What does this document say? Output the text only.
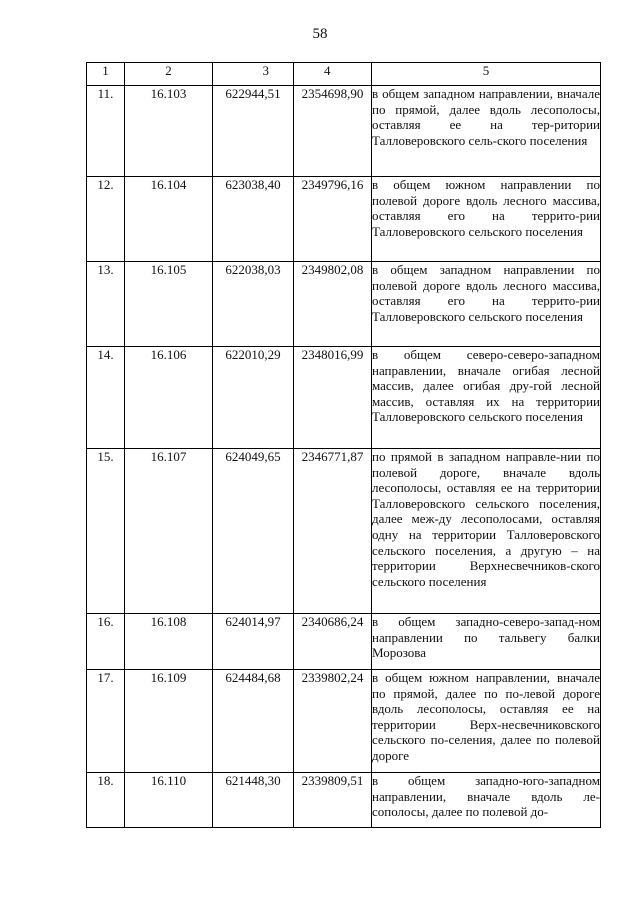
58
1	2	3	4	5
11.	16.103	622944,51	2354698,90	в общем западном направлении, вначале по прямой, далее вдоль лесополосы, оставляя ее на тер-ритории Талловеровского сель-ского поселения
12.	16.104	623038,40	2349796,16	в общем южном направлении по полевой дороге вдоль лесного массива, оставляя его на террито-рии Талловеровского сельского поселения
13.	16.105	622038,03	2349802,08	в общем западном направлении по полевой дороге вдоль лесного массива, оставляя его на террито-рии Талловеровского сельского поселения
14.	16.106	622010,29	2348016,99	в общем северо-северо-западном направлении, вначале огибая лесной массив, далее огибая дру-гой лесной массив, оставляя их на территории Талловеровского сельского поселения
15.	16.107	624049,65	2346771,87	по прямой в западном направле-нии по полевой дороге, вначале вдоль лесополосы, оставляя ее на территории Талловеровского сельского поселения, далее меж-ду лесополосами, оставляя одну на территории Талловеровского сельского поселения, а другую – на территории Верхнесвечников-ского сельского поселения
16.	16.108	624014,97	2340686,24	в общем западно-северо-запад-ном направлении по тальвегу балки Морозова
17.	16.109	624484,68	2339802,24	в общем южном направлении, вначале по прямой, далее по по-левой дороге вдоль лесополосы, оставляя ее на территории Верх-несвечниковского сельского по-селения, далее по полевой дороге
18.	16.110	621448,30	2339809,51	в общем западно-юго-западном направлении, вначале вдоль ле-сополосы, далее по полевой до-
